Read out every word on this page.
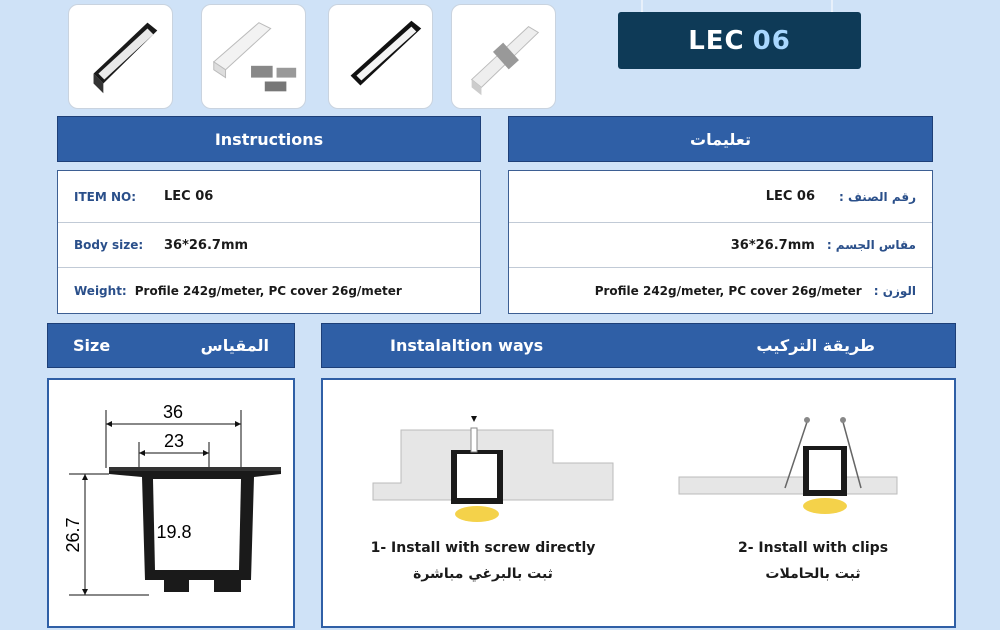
LEC 06
Instructions
ITEM NO:	LEC 06
Body size:	36*26.7mm
Weight: Profile 242g/meter, PC cover 26g/meter
تعليمات
LEC 06 رقم الصنف :
36*26.7mm مقاس الجسم :
Profile 242g/meter, PC cover 26g/meter الوزن :
Size	المقياس
36
23
19.8
26.7
Instalaltion ways	طريقة التركيب
1- Install with screw directly
ثبت بالبرغي مباشرة
2- Install with clips
ثبت بالحاملات
